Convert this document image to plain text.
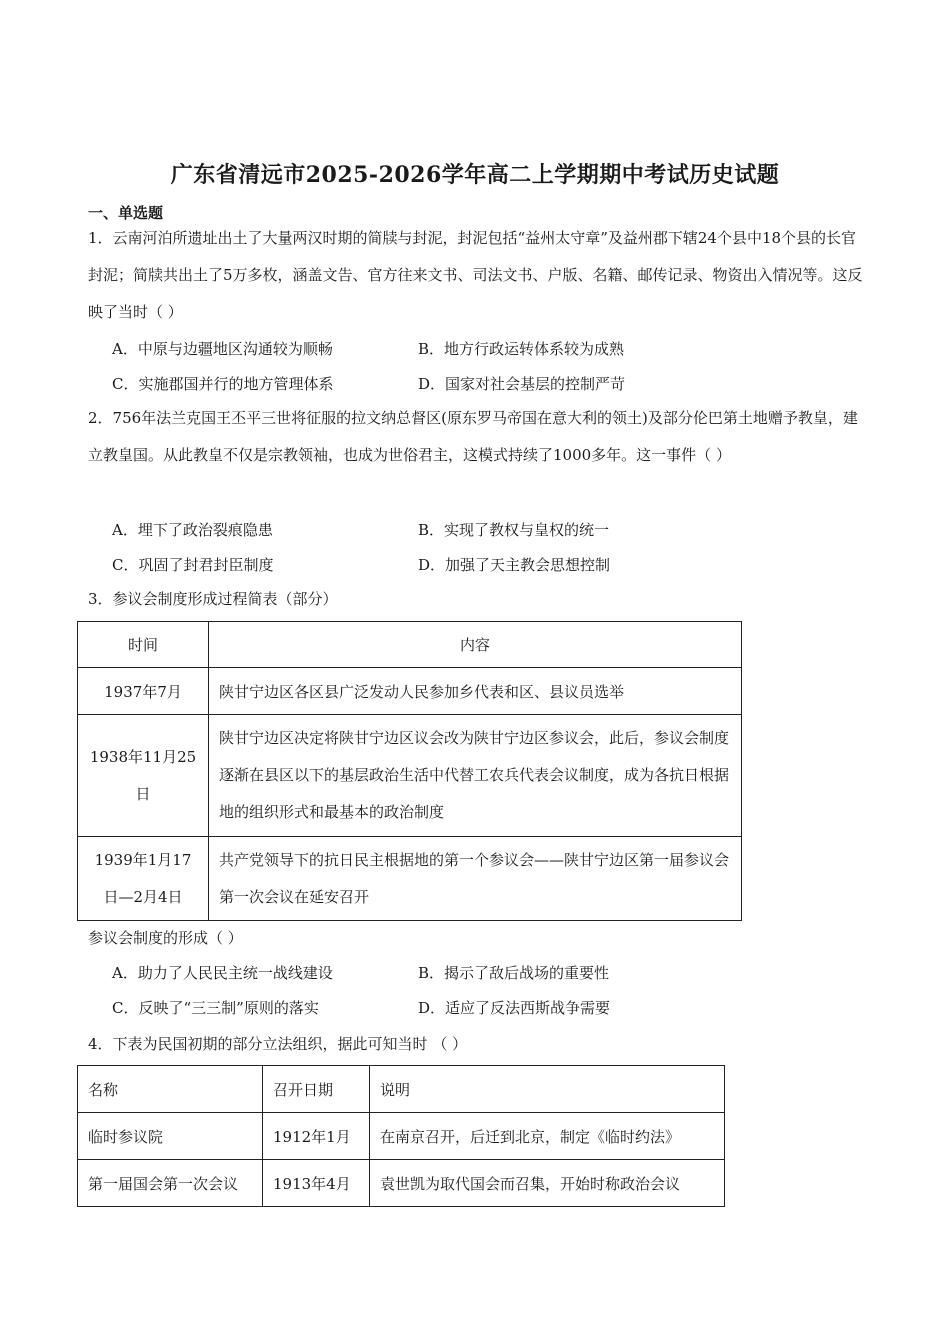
广东省清远市2025-2026学年高二上学期期中考试历史试题
一、单选题
1．云南河泊所遗址出土了大量两汉时期的简牍与封泥，封泥包括“益州太守章”及益州郡下辖24个县中18个县的长官封泥；简牍共出土了5万多枚，涵盖文告、官方往来文书、司法文书、户版、名籍、邮传记录、物资出入情况等。这反映了当时（ ）
A．中原与边疆地区沟通较为顺畅	B．地方行政运转体系较为成熟
C．实施郡国并行的地方管理体系	D．国家对社会基层的控制严苛
2．756年法兰克国王丕平三世将征服的拉文纳总督区(原东罗马帝国在意大利的领土)及部分伦巴第土地赠予教皇，建立教皇国。从此教皇不仅是宗教领袖，也成为世俗君主，这模式持续了1000多年。这一事件（ ）
A．埋下了政治裂痕隐患	B．实现了教权与皇权的统一
C．巩固了封君封臣制度	D．加强了天主教会思想控制
3．参议会制度形成过程简表（部分）
时间	内容
1937年7月	陕甘宁边区各区县广泛发动人民参加乡代表和区、县议员选举
1938年11月25日	陕甘宁边区决定将陕甘宁边区议会改为陕甘宁边区参议会，此后，参议会制度逐渐在县区以下的基层政治生活中代替工农兵代表会议制度，成为各抗日根据地的组织形式和最基本的政治制度
1939年1月17日—2月4日	共产党领导下的抗日民主根据地的第一个参议会——陕甘宁边区第一届参议会第一次会议在延安召开
参议会制度的形成（ ）
A．助力了人民民主统一战线建设	B．揭示了敌后战场的重要性
C．反映了“三三制”原则的落实	D．适应了反法西斯战争需要
4．下表为民国初期的部分立法组织，据此可知当时 （ ）
名称	召开日期	说明
临时参议院	1912年1月	在南京召开，后迁到北京，制定《临时约法》
第一届国会第一次会议	1913年4月	袁世凯为取代国会而召集，开始时称政治会议
